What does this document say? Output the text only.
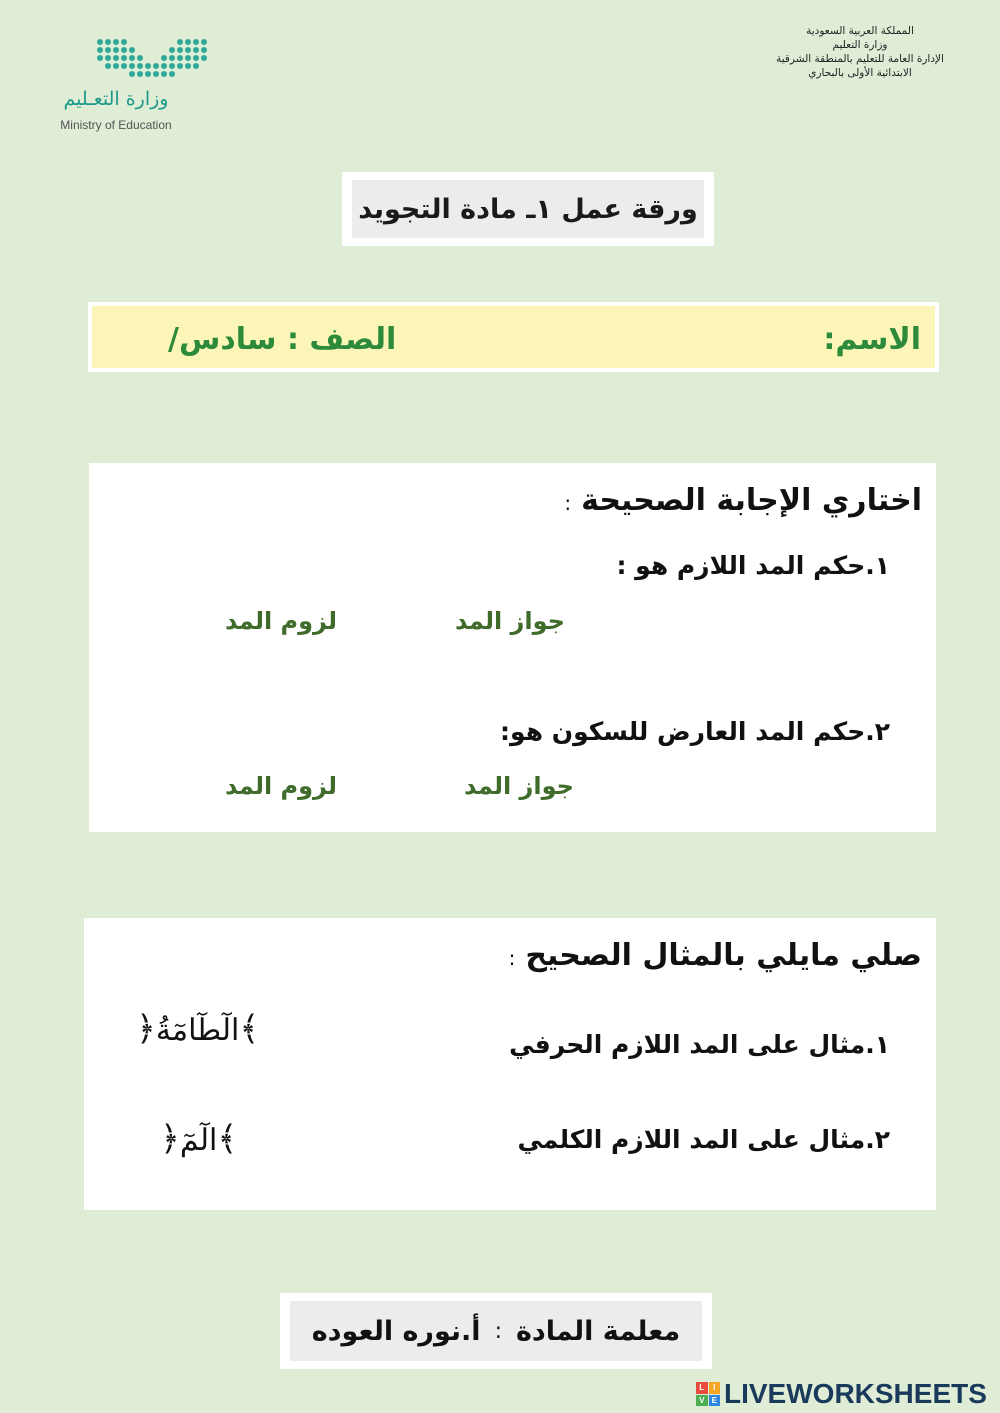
وزارة التعـليم
Ministry of Education
المملكة العربية السعودية
وزارة التعليم
الإدارة العامة للتعليم بالمنطقة الشرقية
الابتدائية الأولى بالبحاري
ورقة عمل ١ـ مادة التجويد
الاسم:
الصف : سادس/
اختاري الإجابة الصحيحة:
١.حكم المد اللازم هو :
جواز المد
لزوم المد
٢.حكم المد العارض للسكون هو:
جواز المد
لزوم المد
صلي مايلي بالمثال الصحيح:
١.مثال على المد اللازم الحرفي
﴾الٓطٓامٓةُ﴿
٢.مثال على المد اللازم الكلمي
﴾الٓمٓ﴿
معلمة المادة
:
أ.نوره العوده
L	I
V E LIVEWORKSHEETS
